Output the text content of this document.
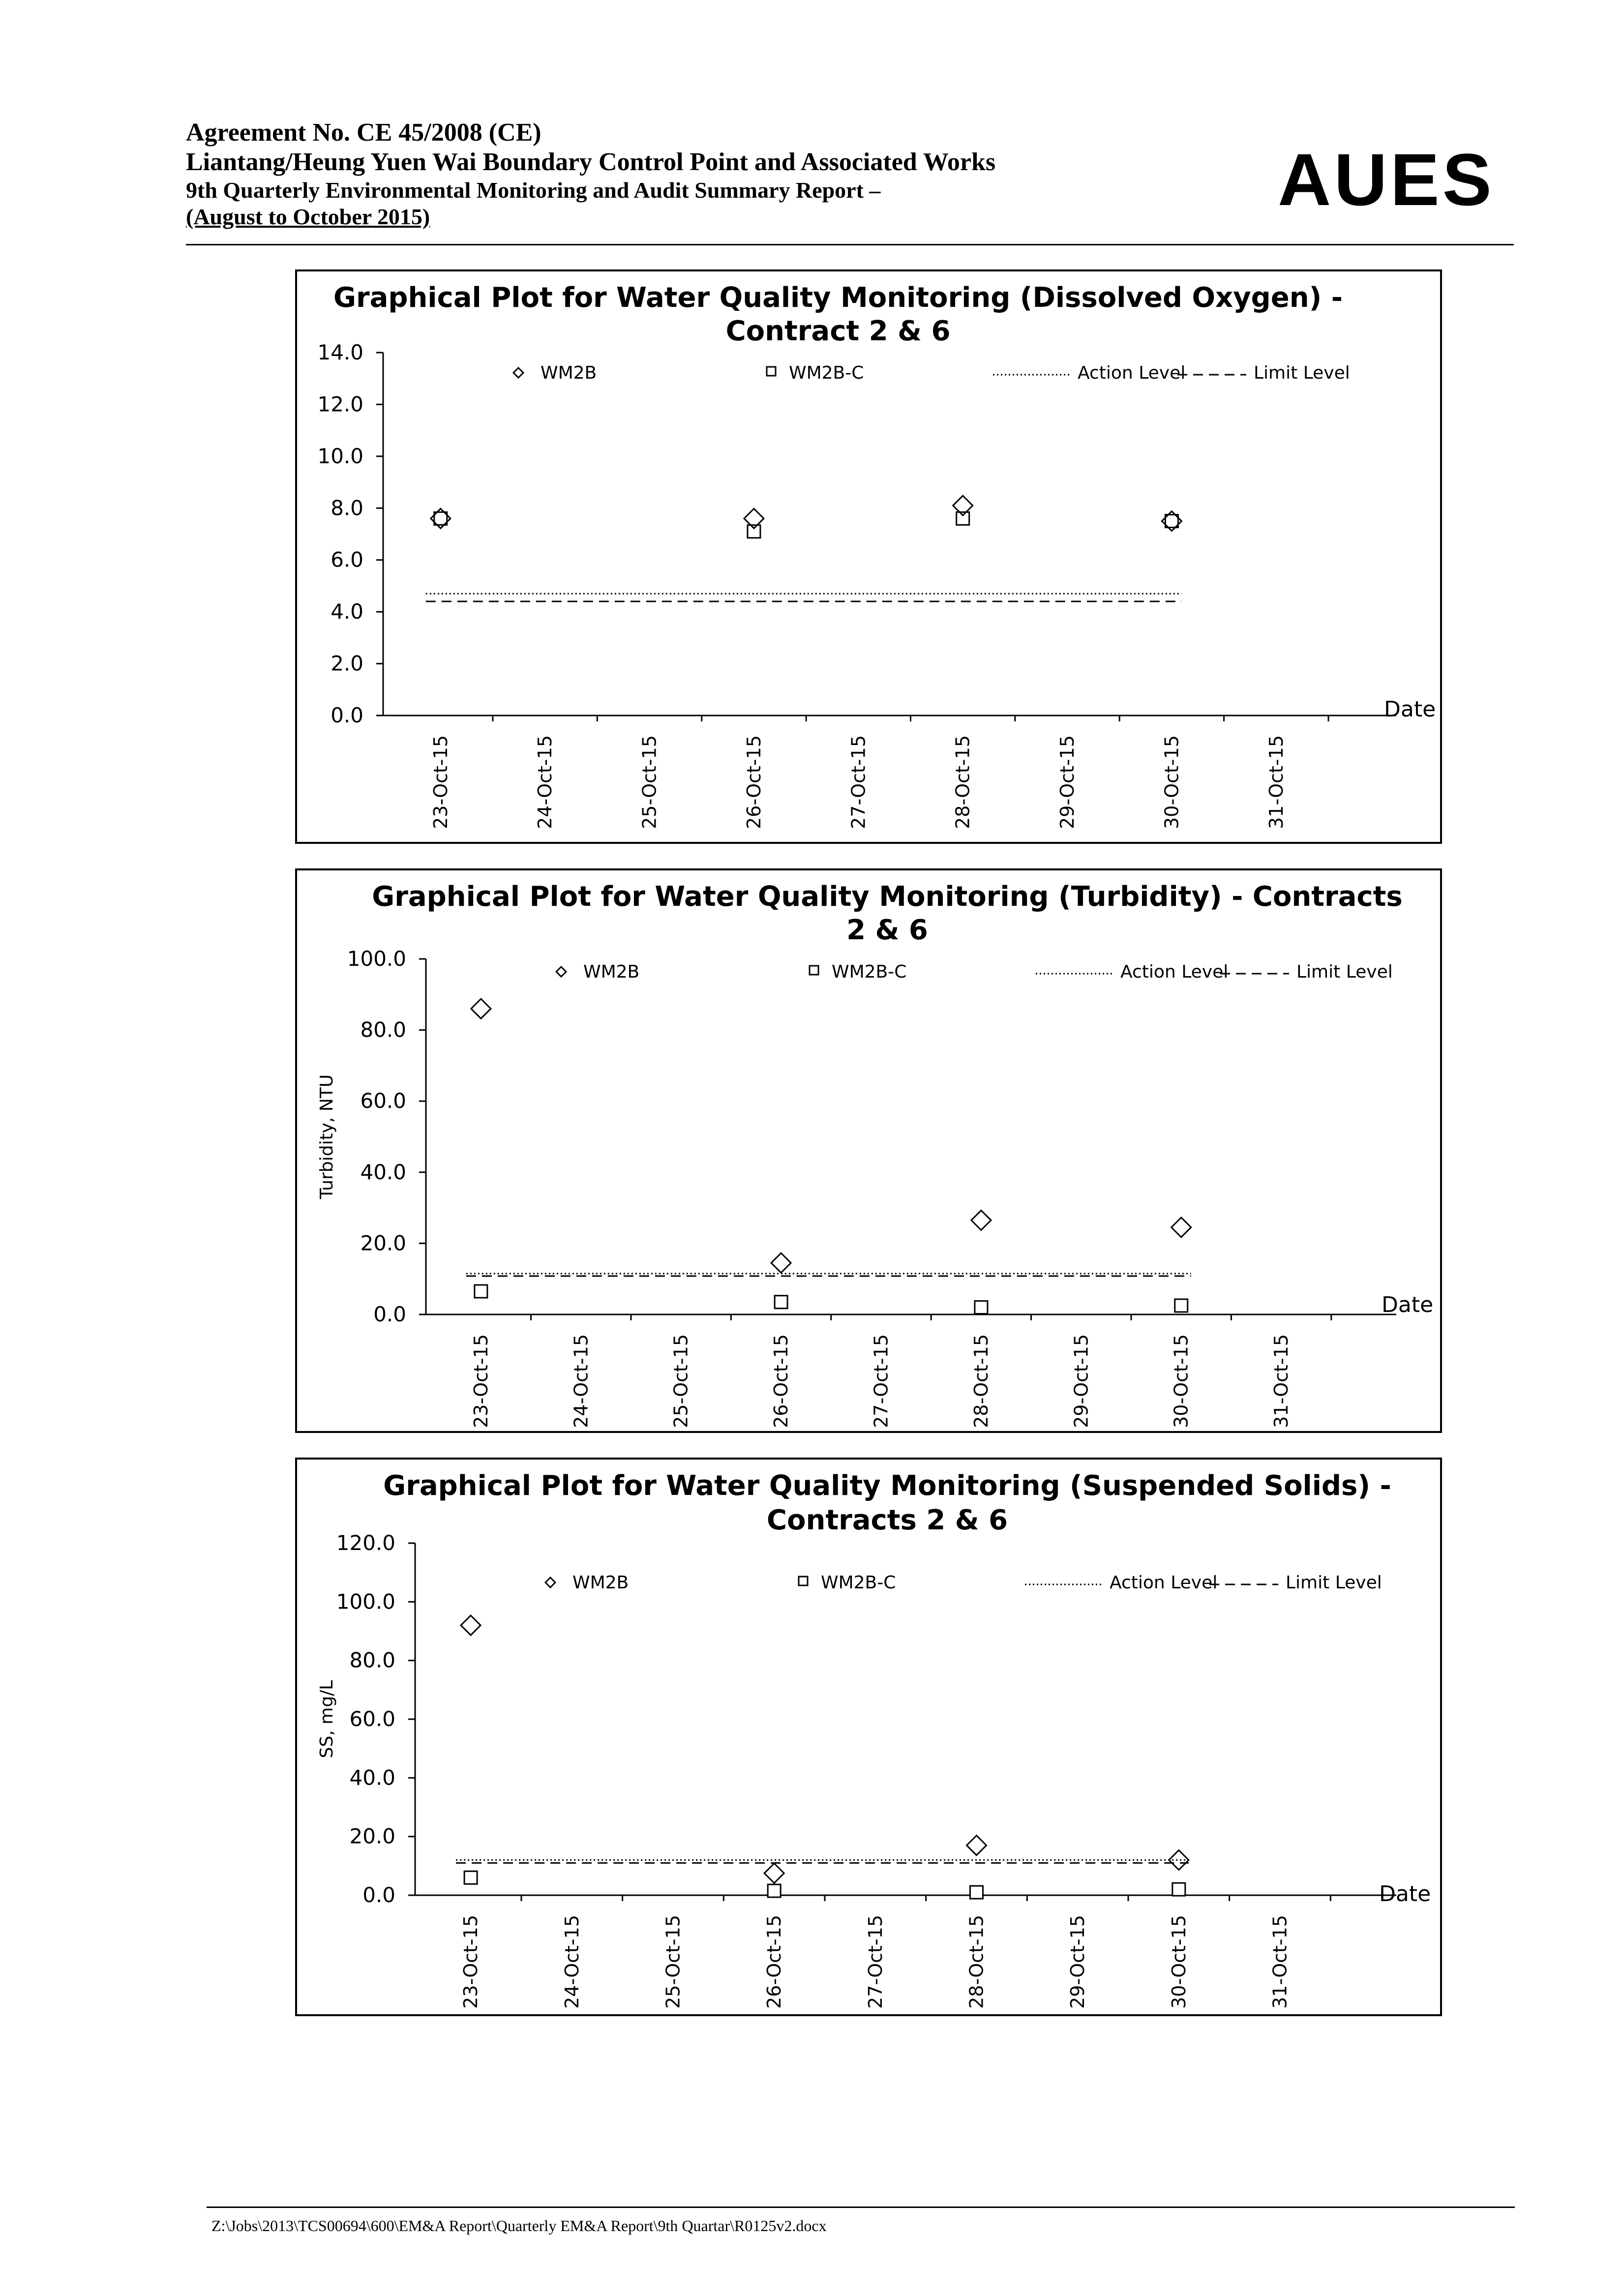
Agreement No. CE 45/2008 (CE)
Liantang/Heung Yuen Wai Boundary Control Point and Associated Works
9th Quarterly Environmental Monitoring and Audit Summary Report –
(August to October 2015)	AUES
Graphical Plot for Water Quality Monitoring (Dissolved Oxygen) -
Contract 2 & 6
WM2B	WM2B-C	Action Level	Limit Level
0.0
2.0
4.0
6.0
8.0
10.0
12.0
14.0
23-Oct-15	24-Oct-15	25-Oct-15	26-Oct-15	27-Oct-15	28-Oct-15	29-Oct-15	30-Oct-15	31-Oct-15
Date
Graphical Plot for Water Quality Monitoring (Turbidity) - Contracts
2 & 6
WM2B	WM2B-C	Action Level	Limit Level
0.0
20.0
40.0
60.0
80.0
100.0
Turbidity, NTU
23-Oct-15	24-Oct-15	25-Oct-15	26-Oct-15	27-Oct-15	28-Oct-15	29-Oct-15	30-Oct-15	31-Oct-15
Date
Graphical Plot for Water Quality Monitoring (Suspended Solids) -
Contracts 2 & 6
WM2B	WM2B-C	Action Level	Limit Level
0.0
20.0
40.0
60.0
80.0
100.0
120.0
SS, mg/L
23-Oct-15	24-Oct-15	25-Oct-15	26-Oct-15	27-Oct-15	28-Oct-15	29-Oct-15	30-Oct-15	31-Oct-15
Date
Z:\Jobs\2013\TCS00694\600\EM&A Report\Quarterly EM&A Report\9th Quartar\R0125v2.docx
